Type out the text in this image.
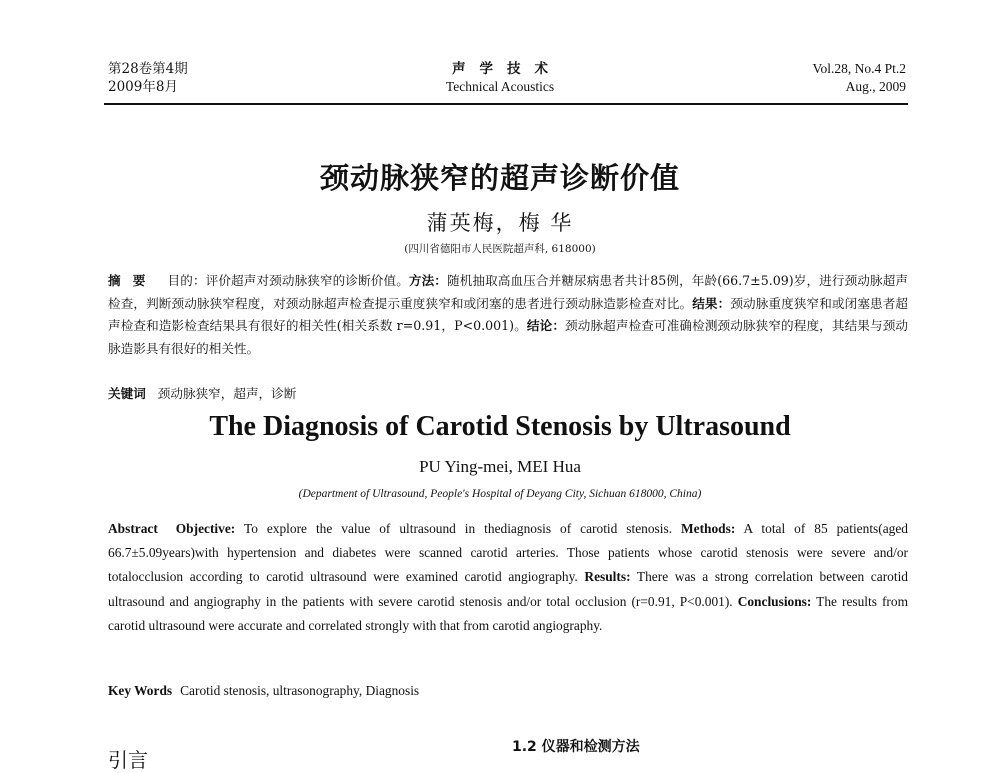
第28卷第4期
2009年8月
声学技术
Technical Acoustics
Vol.28, No.4 Pt.2
Aug., 2009
颈动脉狭窄的超声诊断价值
蒲英梅，梅 华
(四川省德阳市人民医院超声科, 618000)
摘要 目的：评价超声对颈动脉狭窄的诊断价值。方法：随机抽取高血压合并糖尿病患者共计85例，年龄(66.7±5.09)岁，进行颈动脉超声检查，判断颈动脉狭窄程度，对颈动脉超声检查提示重度狭窄和或闭塞的患者进行颈动脉造影检查对比。结果：颈动脉重度狭窄和或闭塞患者超声检查和造影检查结果具有很好的相关性(相关系数 r=0.91，P<0.001)。结论：颈动脉超声检查可准确检测颈动脉狭窄的程度，其结果与颈动脉造影具有很好的相关性。
关键词 颈动脉狭窄，超声，诊断
The Diagnosis of Carotid Stenosis by Ultrasound
PU Ying-mei, MEI Hua
(Department of Ultrasound, People's Hospital of Deyang City, Sichuan 618000, China)
Abstract Objective: To explore the value of ultrasound in thediagnosis of carotid stenosis. Methods: A total of 85 patients(aged 66.7±5.09years)with hypertension and diabetes were scanned carotid arteries. Those patients whose carotid stenosis were severe and/or totalocclusion according to carotid ultrasound were examined carotid angiography. Results: There was a strong correlation between carotid ultrasound and angiography in the patients with severe carotid stenosis and/or total occlusion (r=0.91, P<0.001). Conclusions: The results from carotid ultrasound were accurate and correlated strongly with that from carotid angiography.
Key Words Carotid stenosis, ultrasonography, Diagnosis
1.2 仪器和检测方法
引言
